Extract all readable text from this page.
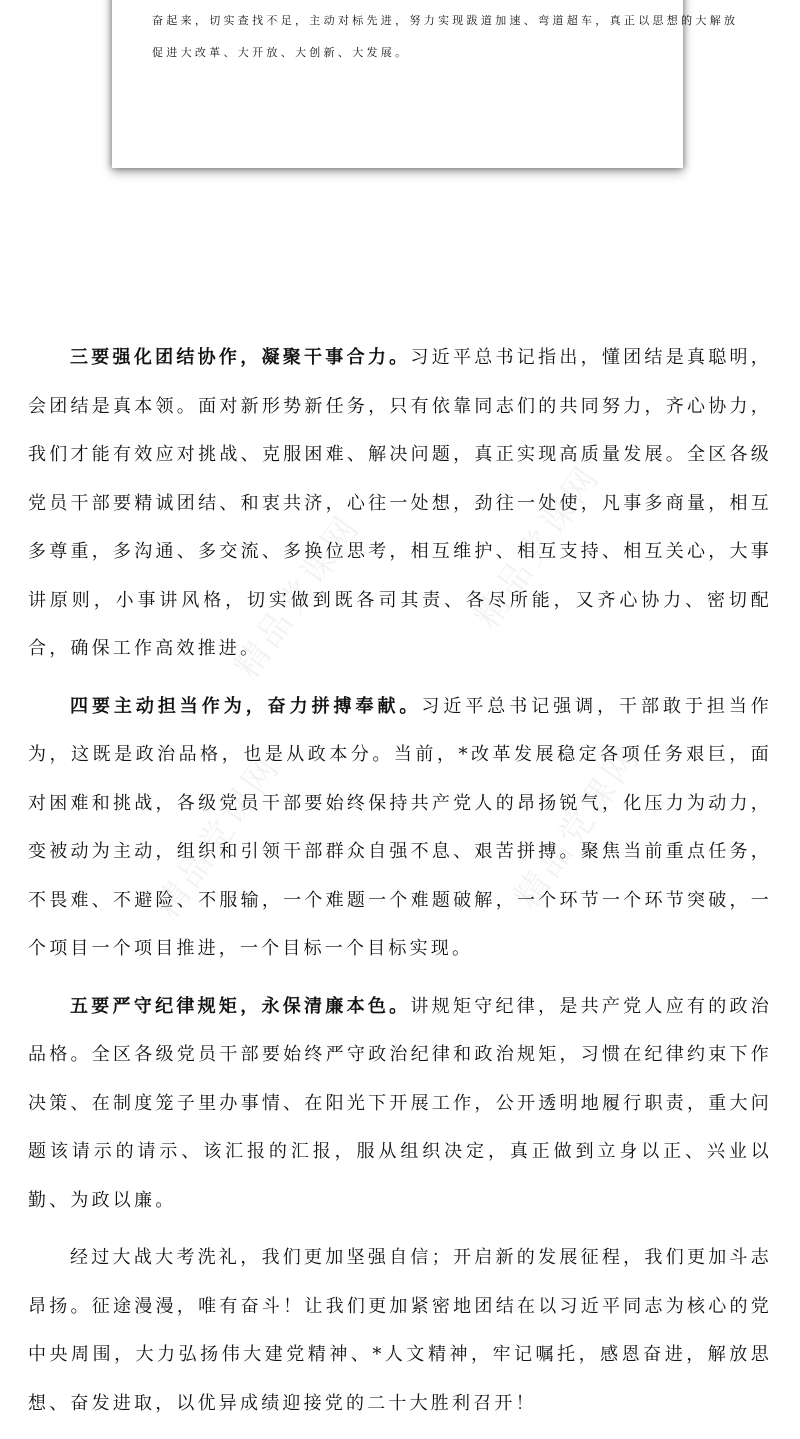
奋起来，切实查找不足，主动对标先进，努力实现跋道加速、弯道超车，真正以思想的大解放

促进大改革、大开放、大创新、大发展。

精品党课网	精品党课网
精品党课网	精品党课网

三要强化团结协作，凝聚干事合力。习近平总书记指出，懂团结是真聪明，会团结是真本领。面对新形势新任务，只有依靠同志们的共同努力，齐心协力，我们才能有效应对挑战、克服困难、解决问题，真正实现高质量发展。全区各级党员干部要精诚团结、和衷共济，心往一处想，劲往一处使，凡事多商量，相互多尊重，多沟通、多交流、多换位思考，相互维护、相互支持、相互关心，大事讲原则，小事讲风格，切实做到既各司其责、各尽所能，又齐心协力、密切配合，确保工作高效推进。

四要主动担当作为，奋力拼搏奉献。习近平总书记强调，干部敢于担当作为，这既是政治品格，也是从政本分。当前，*改革发展稳定各项任务艰巨，面对困难和挑战，各级党员干部要始终保持共产党人的昂扬锐气，化压力为动力，变被动为主动，组织和引领干部群众自强不息、艰苦拼搏。聚焦当前重点任务，不畏难、不避险、不服输，一个难题一个难题破解，一个环节一个环节突破，一个项目一个项目推进，一个目标一个目标实现。

五要严守纪律规矩，永保清廉本色。讲规矩守纪律，是共产党人应有的政治品格。全区各级党员干部要始终严守政治纪律和政治规矩，习惯在纪律约束下作决策、在制度笼子里办事情、在阳光下开展工作，公开透明地履行职责，重大问题该请示的请示、该汇报的汇报，服从组织决定，真正做到立身以正、兴业以勤、为政以廉。

经过大战大考洗礼，我们更加坚强自信；开启新的发展征程，我们更加斗志昂扬。征途漫漫，唯有奋斗！让我们更加紧密地团结在以习近平同志为核心的党中央周围，大力弘扬伟大建党精神、*人文精神，牢记嘱托，感恩奋进，解放思想、奋发进取，以优异成绩迎接党的二十大胜利召开！
